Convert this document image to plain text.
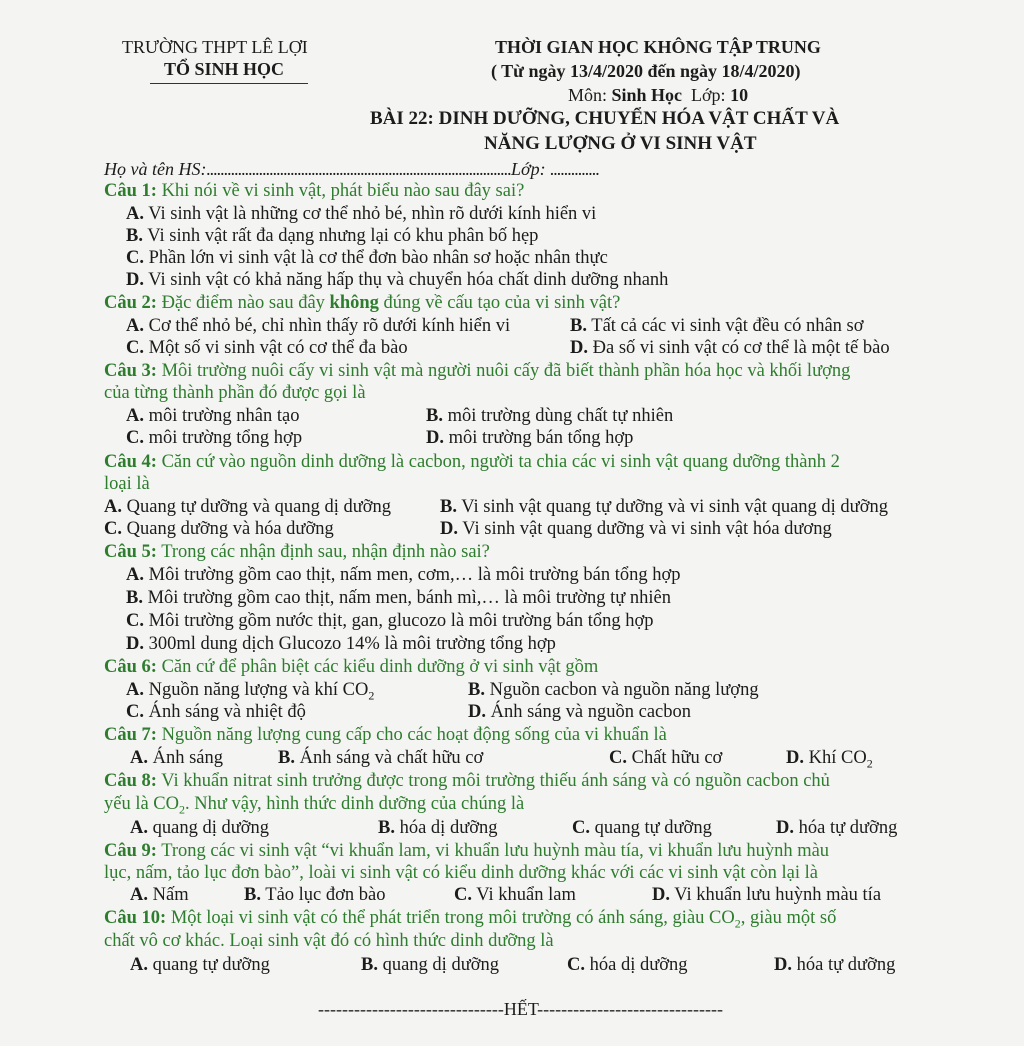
TRƯỜNG THPT LÊ LỢI
TỔ SINH HỌC
THỜI GIAN HỌC KHÔNG TẬP TRUNG
( Từ ngày 13/4/2020 đến ngày 18/4/2020)
Môn: Sinh Học Lớp: 10
BÀI 22: DINH DƯỠNG, CHUYỂN HÓA VẬT CHẤT VÀ
NĂNG LƯỢNG Ở VI SINH VẬT
Họ và tên HS:.......................................................................................Lớp: ..............
Câu 1: Khi nói về vi sinh vật, phát biểu nào sau đây sai?
A. Vi sinh vật là những cơ thể nhỏ bé, nhìn rõ dưới kính hiển vi
B. Vi sinh vật rất đa dạng nhưng lại có khu phân bố hẹp
C. Phần lớn vi sinh vật là cơ thể đơn bào nhân sơ hoặc nhân thực
D. Vi sinh vật có khả năng hấp thụ và chuyển hóa chất dinh dưỡng nhanh
Câu 2: Đặc điểm nào sau đây không đúng về cấu tạo của vi sinh vật?
A. Cơ thể nhỏ bé, chỉ nhìn thấy rõ dưới kính hiển vi	B. Tất cả các vi sinh vật đều có nhân sơ
C. Một số vi sinh vật có cơ thể đa bào	D. Đa số vi sinh vật có cơ thể là một tế bào
Câu 3: Môi trường nuôi cấy vi sinh vật mà người nuôi cấy đã biết thành phần hóa học và khối lượng
của từng thành phần đó được gọi là
A. môi trường nhân tạo	B. môi trường dùng chất tự nhiên
C. môi trường tổng hợp	D. môi trường bán tổng hợp
Câu 4: Căn cứ vào nguồn dinh dưỡng là cacbon, người ta chia các vi sinh vật quang dưỡng thành 2
loại là
A. Quang tự dưỡng và quang dị dưỡng	B. Vi sinh vật quang tự dưỡng và vi sinh vật quang dị dưỡng
C. Quang dưỡng và hóa dưỡng	D. Vi sinh vật quang dưỡng và vi sinh vật hóa dương
Câu 5: Trong các nhận định sau, nhận định nào sai?
A. Môi trường gồm cao thịt, nấm men, cơm,… là môi trường bán tổng hợp
B. Môi trường gồm cao thịt, nấm men, bánh mì,… là môi trường tự nhiên
C. Môi trường gồm nước thịt, gan, glucozo là môi trường bán tổng hợp
D. 300ml dung dịch Glucozo 14% là môi trường tổng hợp
Câu 6: Căn cứ để phân biệt các kiểu dinh dưỡng ở vi sinh vật gồm
A. Nguồn năng lượng và khí $CO_2$	B. Nguồn cacbon và nguồn năng lượng
C. Ánh sáng và nhiệt độ	D. Ánh sáng và nguồn cacbon
Câu 7: Nguồn năng lượng cung cấp cho các hoạt động sống của vi khuẩn là
A. Ánh sáng	B. Ánh sáng và chất hữu cơ	C. Chất hữu cơ	D. Khí $CO_2$
Câu 8: Vi khuẩn nitrat sinh trưởng được trong môi trường thiếu ánh sáng và có nguồn cacbon chủ
yếu là $CO_2$. Như vậy, hình thức dinh dưỡng của chúng là
A. quang dị dưỡng	B. hóa dị dưỡng	C. quang tự dưỡng	D. hóa tự dưỡng
Câu 9: Trong các vi sinh vật “vi khuẩn lam, vi khuẩn lưu huỳnh màu tía, vi khuẩn lưu huỳnh màu
lục, nấm, tảo lục đơn bào”, loài vi sinh vật có kiểu dinh dưỡng khác với các vi sinh vật còn lại là
A. Nấm	B. Tảo lục đơn bào	C. Vi khuẩn lam	D. Vi khuẩn lưu huỳnh màu tía
Câu 10: Một loại vi sinh vật có thể phát triển trong môi trường có ánh sáng, giàu $CO_2$, giàu một số
chất vô cơ khác. Loại sinh vật đó có hình thức dinh dưỡng là
A. quang tự dưỡng	B. quang dị dưỡng	C. hóa dị dưỡng	D. hóa tự dưỡng
-------------------------------HẾT-------------------------------
